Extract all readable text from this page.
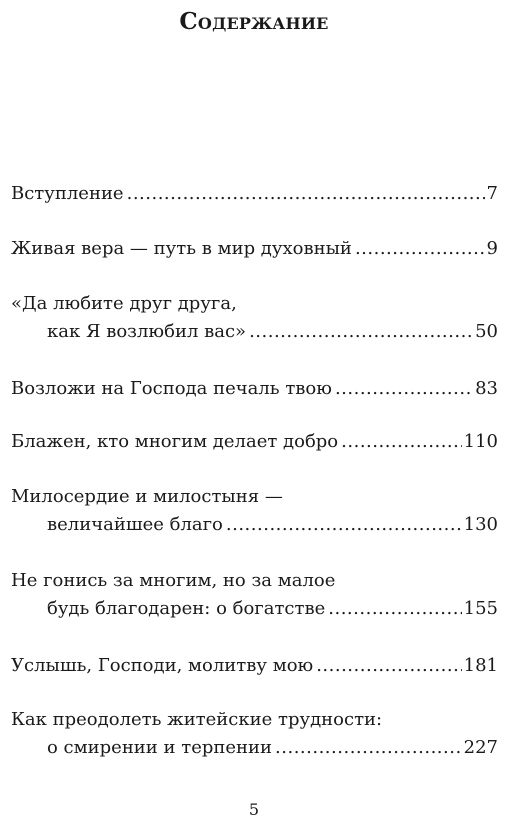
Содержание
Вступление .....	7
Живая вера — путь в мир духовный .....	9
«Да любите друг друга,
как Я возлюбил вас» .....	50
Возложи на Господа печаль твою .....	83
Блажен, кто многим делает добро .....	110
Милосердие и милостыня —
величайшее благо .....	130
Не гонись за многим, но за малое
будь благодарен: о богатстве .....	155
Услышь, Господи, молитву мою .....	181
Как преодолеть житейские трудности:
о смирении и терпении .....	227

5
